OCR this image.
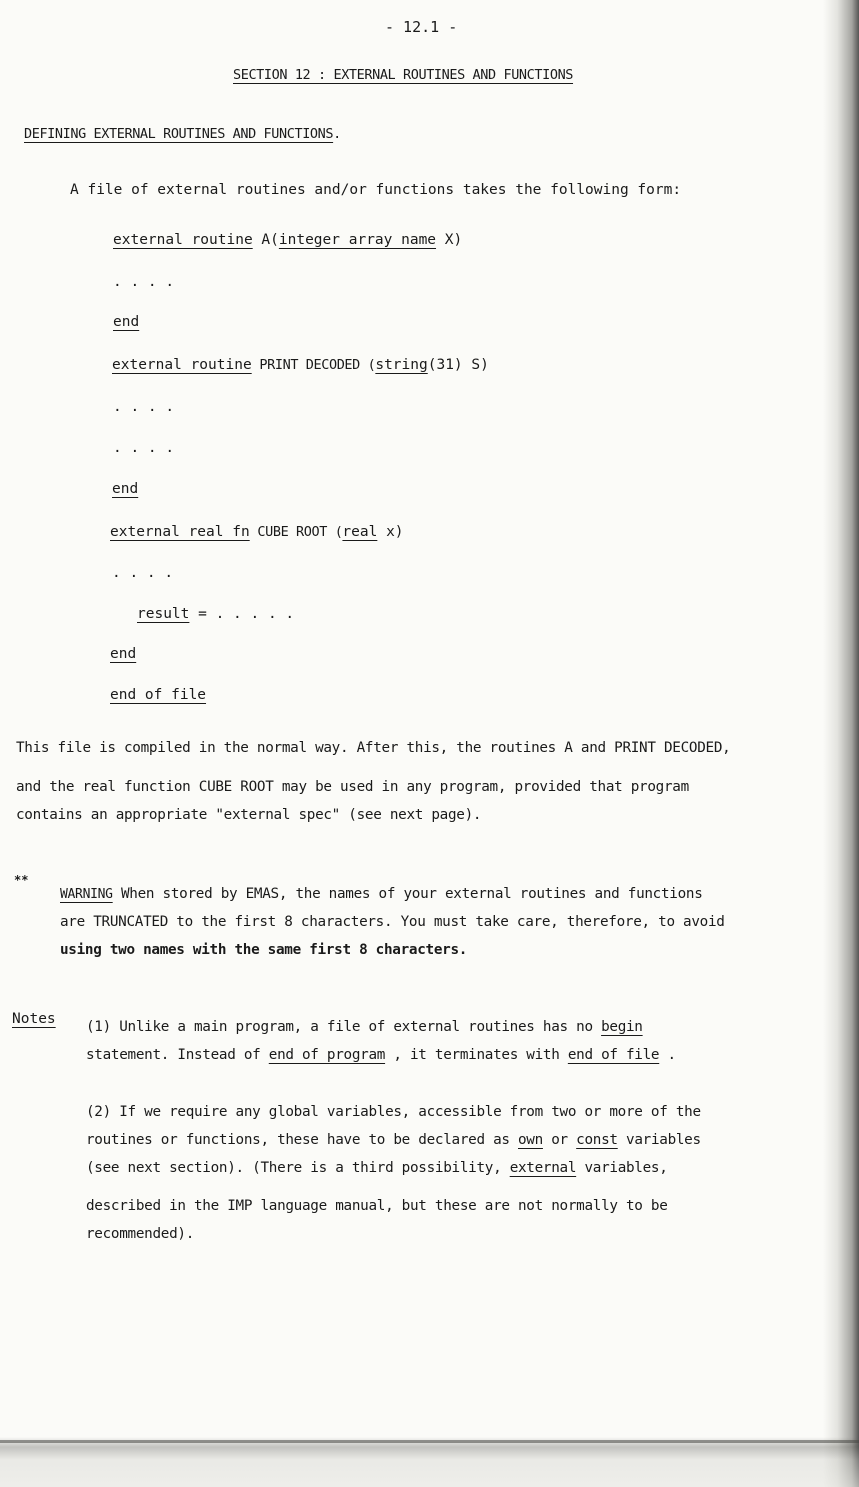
- 12.1 -
SECTION 12 : EXTERNAL ROUTINES AND FUNCTIONS
DEFINING EXTERNAL ROUTINES AND FUNCTIONS.
A file of external routines and/or functions takes the following form:
external routine A(integer array name X)
. . . .
end
external routine PRINT DECODED (string(31) S)
. . . .
. . . .
end
external real fn CUBE ROOT (real x)
. . . .
result = . . . . .
end
end of file
This file is compiled in the normal way. After this, the routines A and PRINT DECODED,
and the real function CUBE ROOT may be used in any program, provided that program
contains an appropriate "external spec" (see next page).
**
WARNING When stored by EMAS, the names of your external routines and functions
are TRUNCATED to the first 8 characters. You must take care, therefore, to avoid
using two names with the same first 8 characters.
Notes (1) Unlike a main program, a file of external routines has no begin
statement. Instead of end of program , it terminates with end of file .
(2) If we require any global variables, accessible from two or more of the
routines or functions, these have to be declared as own or const variables
(see next section). (There is a third possibility, external variables,
described in the IMP language manual, but these are not normally to be
recommended).
